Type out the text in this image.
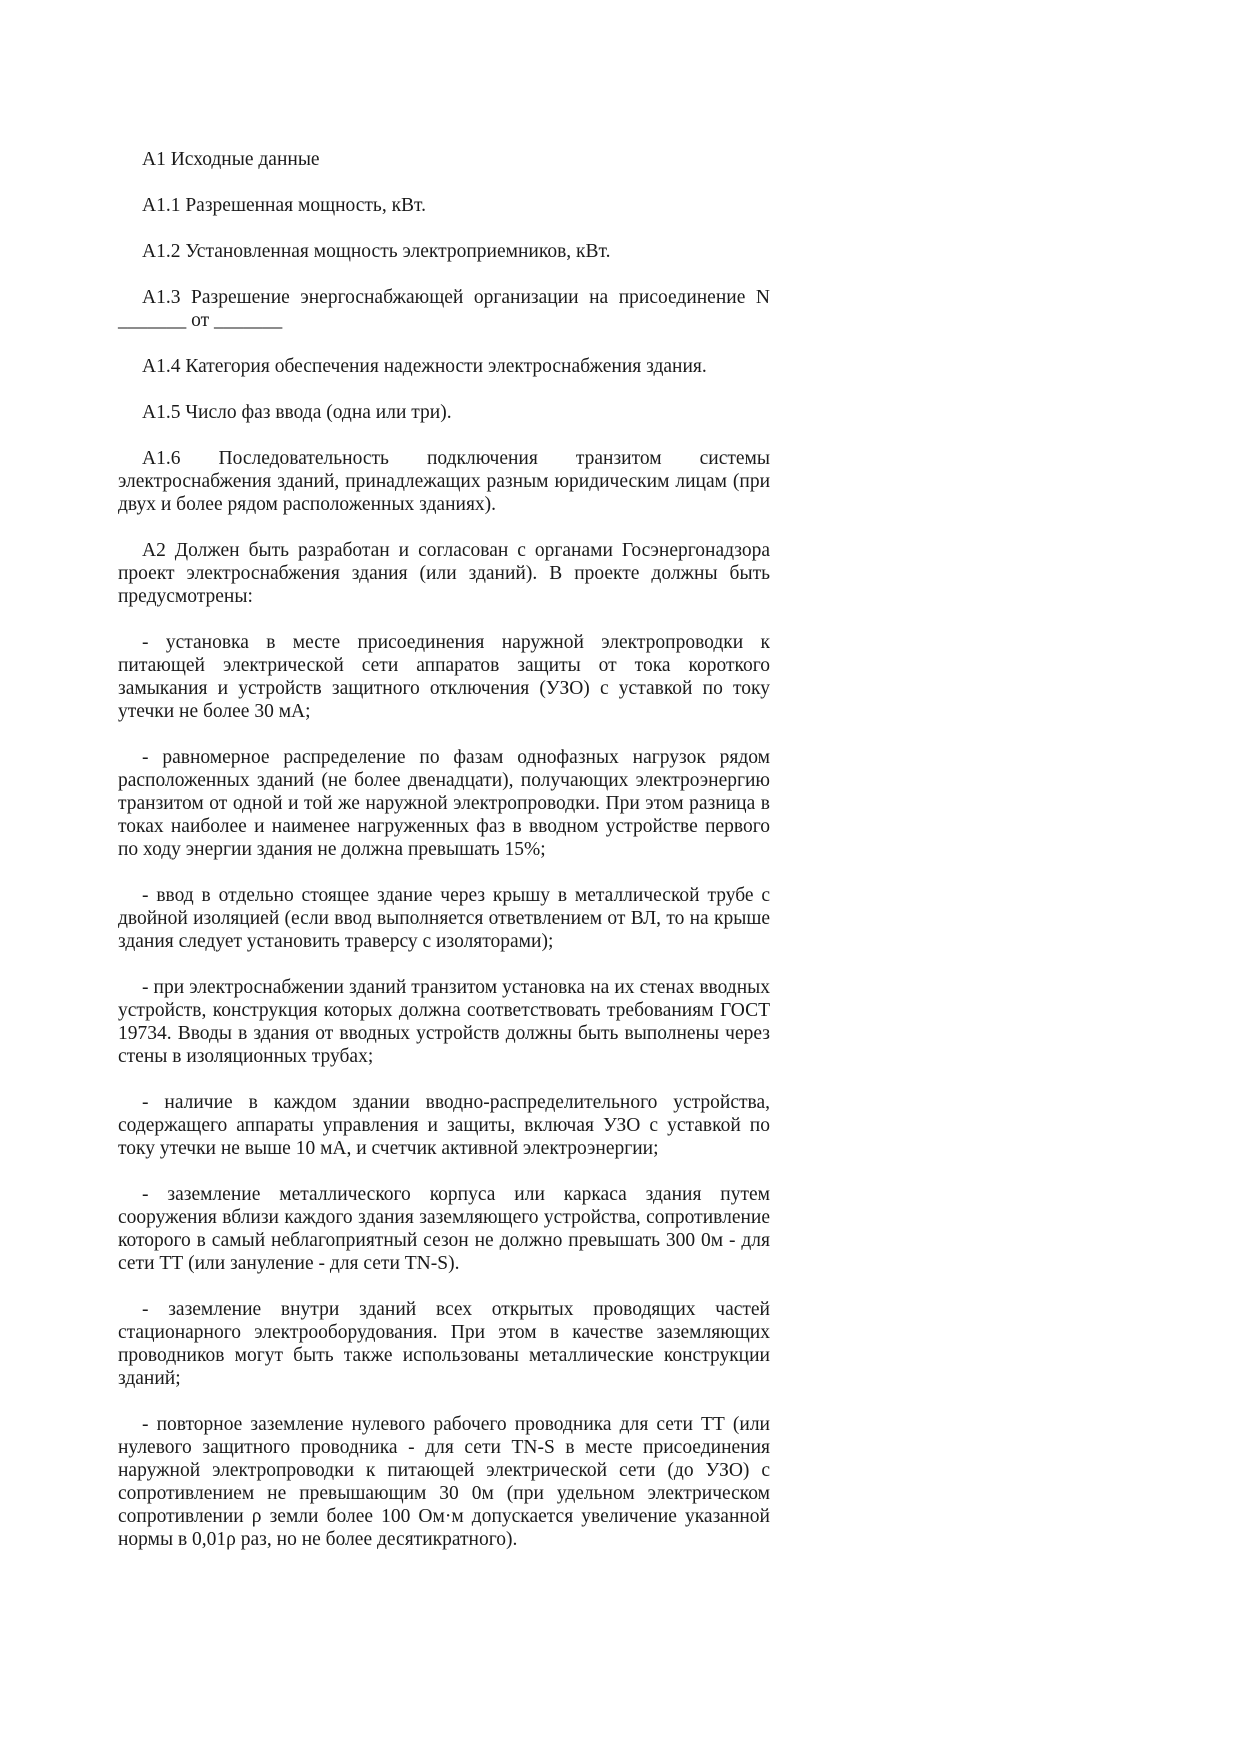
А1 Исходные данные

А1.1 Разрешенная мощность, кВт.

А1.2 Установленная мощность электроприемников, кВт.

А1.3 Разрешение энергоснабжающей организации на присоединение N _______ от _______

А1.4 Категория обеспечения надежности электроснабжения здания.

А1.5 Число фаз ввода (одна или три).

А1.6 Последовательность подключения транзитом системы электроснабжения зданий, принадлежащих разным юридическим лицам (при двух и более рядом расположенных зданиях).

А2 Должен быть разработан и согласован с органами Госэнергонадзора проект электроснабжения здания (или зданий). В проекте должны быть предусмотрены:

- установка в месте присоединения наружной электропроводки к питающей электрической сети аппаратов защиты от тока короткого замыкания и устройств защитного отключения (УЗО) с уставкой по току утечки не более 30 мА;

- равномерное распределение по фазам однофазных нагрузок рядом расположенных зданий (не более двенадцати), получающих электроэнергию транзитом от одной и той же наружной электропроводки. При этом разница в токах наиболее и наименее нагруженных фаз в вводном устройстве первого по ходу энергии здания не должна превышать 15%;

- ввод в отдельно стоящее здание через крышу в металлической трубе с двойной изоляцией (если ввод выполняется ответвлением от ВЛ, то на крыше здания следует установить траверсу с изоляторами);

- при электроснабжении зданий транзитом установка на их стенах вводных устройств, конструкция которых должна соответствовать требованиям ГОСТ 19734. Вводы в здания от вводных устройств должны быть выполнены через стены в изоляционных трубах;

- наличие в каждом здании вводно-распределительного устройства, содержащего аппараты управления и защиты, включая УЗО с уставкой по току утечки не выше 10 мА, и счетчик активной электроэнергии;

- заземление металлического корпуса или каркаса здания путем сооружения вблизи каждого здания заземляющего устройства, сопротивление которого в самый неблагоприятный сезон не должно превышать 300 0м - для сети ТТ (или зануление - для сети TN-S).

- заземление внутри зданий всех открытых проводящих частей стационарного электрооборудования. При этом в качестве заземляющих проводников могут быть также использованы металлические конструкции зданий;

- повторное заземление нулевого рабочего проводника для сети ТТ (или нулевого защитного проводника - для сети TN-S в месте присоединения наружной электропроводки к питающей электрической сети (до УЗО) с сопротивлением не превышающим 30 0м (при удельном электрическом сопротивлении ρ земли более 100 Ом·м допускается увеличение указанной нормы в 0,01ρ раз, но не более десятикратного).
